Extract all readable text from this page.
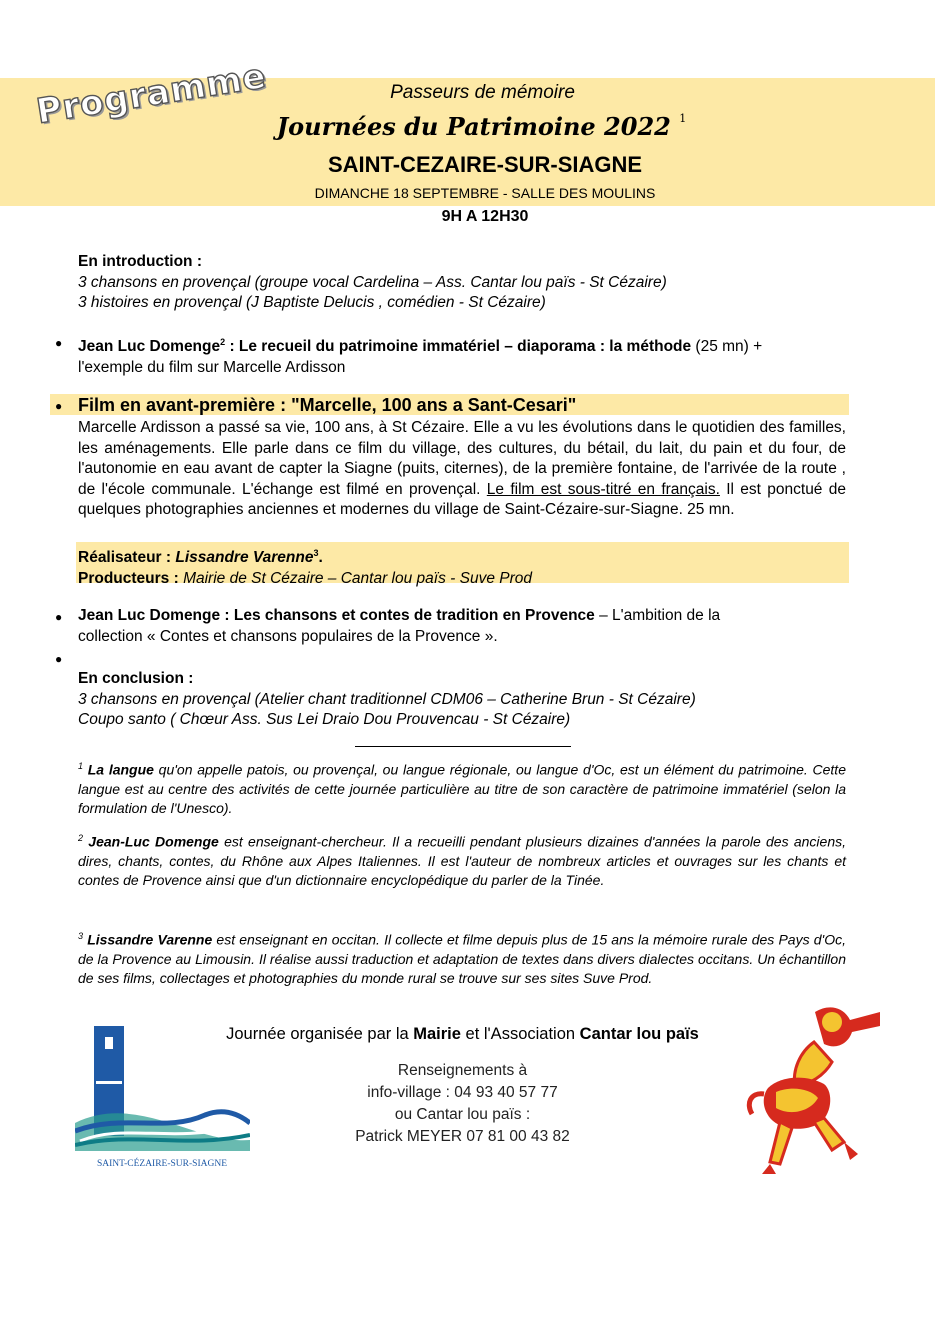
Programme	Passeurs de mémoire
Journées du Patrimoine 2022 $^1$
SAINT-CEZAIRE-SUR-SIAGNE
DIMANCHE 18 SEPTEMBRE - SALLE DES MOULINS
9H A 12H30
En introduction :
3 chansons en provençal (groupe vocal Cardelina – Ass. Cantar lou païs - St Cézaire)
3 histoires en provençal (J Baptiste Delucis , comédien - St Cézaire)
● Jean Luc Domenge$^2$ : Le recueil du patrimoine immatériel – diaporama : la méthode (25 mn) +
l'exemple du film sur Marcelle Ardisson
● Film en avant-première : "Marcelle, 100 ans a Sant-Cesari"
Marcelle Ardisson a passé sa vie, 100 ans, à St Cézaire. Elle a vu les évolutions dans le quotidien des familles, les aménagements. Elle parle dans ce film du village, des cultures, du bétail, du lait, du pain et du four, de l'autonomie en eau avant de capter la Siagne (puits, citernes), de la première fontaine, de l'arrivée de la route , de l'école communale. L'échange est filmé en provençal. Le film est sous-titré en français. Il est ponctué de quelques photographies anciennes et modernes du village de Saint-Cézaire-sur-Siagne. 25 mn.
Réalisateur : Lissandre Varenne$^3$.
Producteurs : Mairie de St Cézaire – Cantar lou païs - Suve Prod
● Jean Luc Domenge : Les chansons et contes de tradition en Provence – L'ambition de la
collection « Contes et chansons populaires de la Provence ».
●
En conclusion :
3 chansons en provençal (Atelier chant traditionnel CDM06 – Catherine Brun - St Cézaire)
Coupo santo ( Chœur Ass. Sus Lei Draio Dou Prouvencau - St Cézaire)
$^1$ La langue qu'on appelle patois, ou provençal, ou langue régionale, ou langue d'Oc, est un élément du patrimoine. Cette langue est au centre des activités de cette journée particulière au titre de son caractère de patrimoine immatériel (selon la formulation de l'Unesco).
$^2$ Jean-Luc Domenge est enseignant-chercheur. Il a recueilli pendant plusieurs dizaines d'années la parole des anciens, dires, chants, contes, du Rhône aux Alpes Italiennes. Il est l'auteur de nombreux articles et ouvrages sur les chants et contes de Provence ainsi que d'un dictionnaire encyclopédique du parler de la Tinée.
$^3$ Lissandre Varenne est enseignant en occitan. Il collecte et filme depuis plus de 15 ans la mémoire rurale des Pays d'Oc, de la Provence au Limousin. Il réalise aussi traduction et adaptation de textes dans divers dialectes occitans. Un échantillon de ses films, collectages et photographies du monde rural se trouve sur ses sites Suve Prod.
Journée organisée par la Mairie et l'Association Cantar lou païs
Renseignements à
info-village : 04 93 40 57 77
ou Cantar lou païs :
Patrick MEYER 07 81 00 43 82
SAINT-CÉZAIRE-SUR-SIAGNE
